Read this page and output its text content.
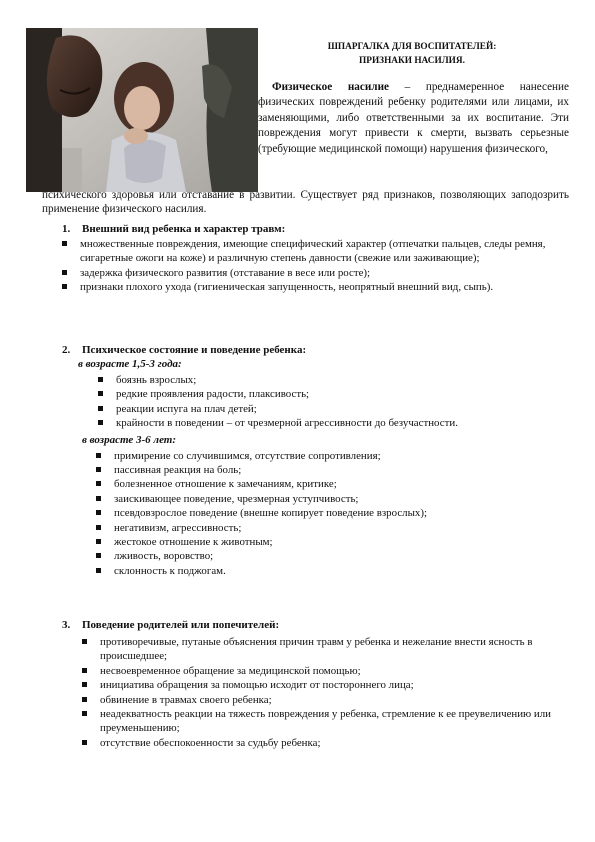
ШПАРГАЛКА ДЛЯ ВОСПИТАТЕЛЕЙ:
ПРИЗНАКИ НАСИЛИЯ.
Физическое насилие – преднамеренное нанесение физических повреждений ребенку родителями или лицами, их заменяющими, либо ответственными за их воспитание. Эти повреждения могут привести к смерти, вызвать серьезные (требующие медицинской помощи) нарушения физического,
психического здоровья или отставание в развитии. Существует ряд признаков, позволяющих заподозрить применение физического насилия.
1.	Внешний вид ребенка и характер травм:
множественные повреждения, имеющие специфический характер (отпечатки пальцев, следы ремня, сигаретные ожоги на коже) и различную степень давности (свежие или заживающие);
задержка физического развития (отставание в весе или росте);
признаки плохого ухода (гигиеническая запущенность, неопрятный внешний вид, сыпь).
2.	Психическое состояние и поведение ребенка:
в возрасте 1,5-3 года:
боязнь взрослых;
редкие проявления радости, плаксивость;
реакции испуга на плач детей;
крайности в поведении – от чрезмерной агрессивности до безучастности.
в возрасте 3-6 лет:
примирение со случившимся, отсутствие сопротивления;
пассивная реакция на боль;
болезненное отношение к замечаниям, критике;
заискивающее поведение, чрезмерная уступчивость;
псевдовзрослое поведение (внешне копирует поведение взрослых);
негативизм, агрессивность;
жестокое отношение к животным;
лживость, воровство;
склонность к поджогам.
3.	Поведение родителей или попечителей:
противоречивые, путаные объяснения причин травм у ребенка и нежелание внести ясность в происшедшее;
несвоевременное обращение за медицинской помощью;
инициатива обращения за помощью исходит от постороннего лица;
обвинение в травмах своего ребенка;
неадекватность реакции на тяжесть повреждения у ребенка, стремление к ее преувеличению или преуменьшению;
отсутствие обеспокоенности за судьбу ребенка;
